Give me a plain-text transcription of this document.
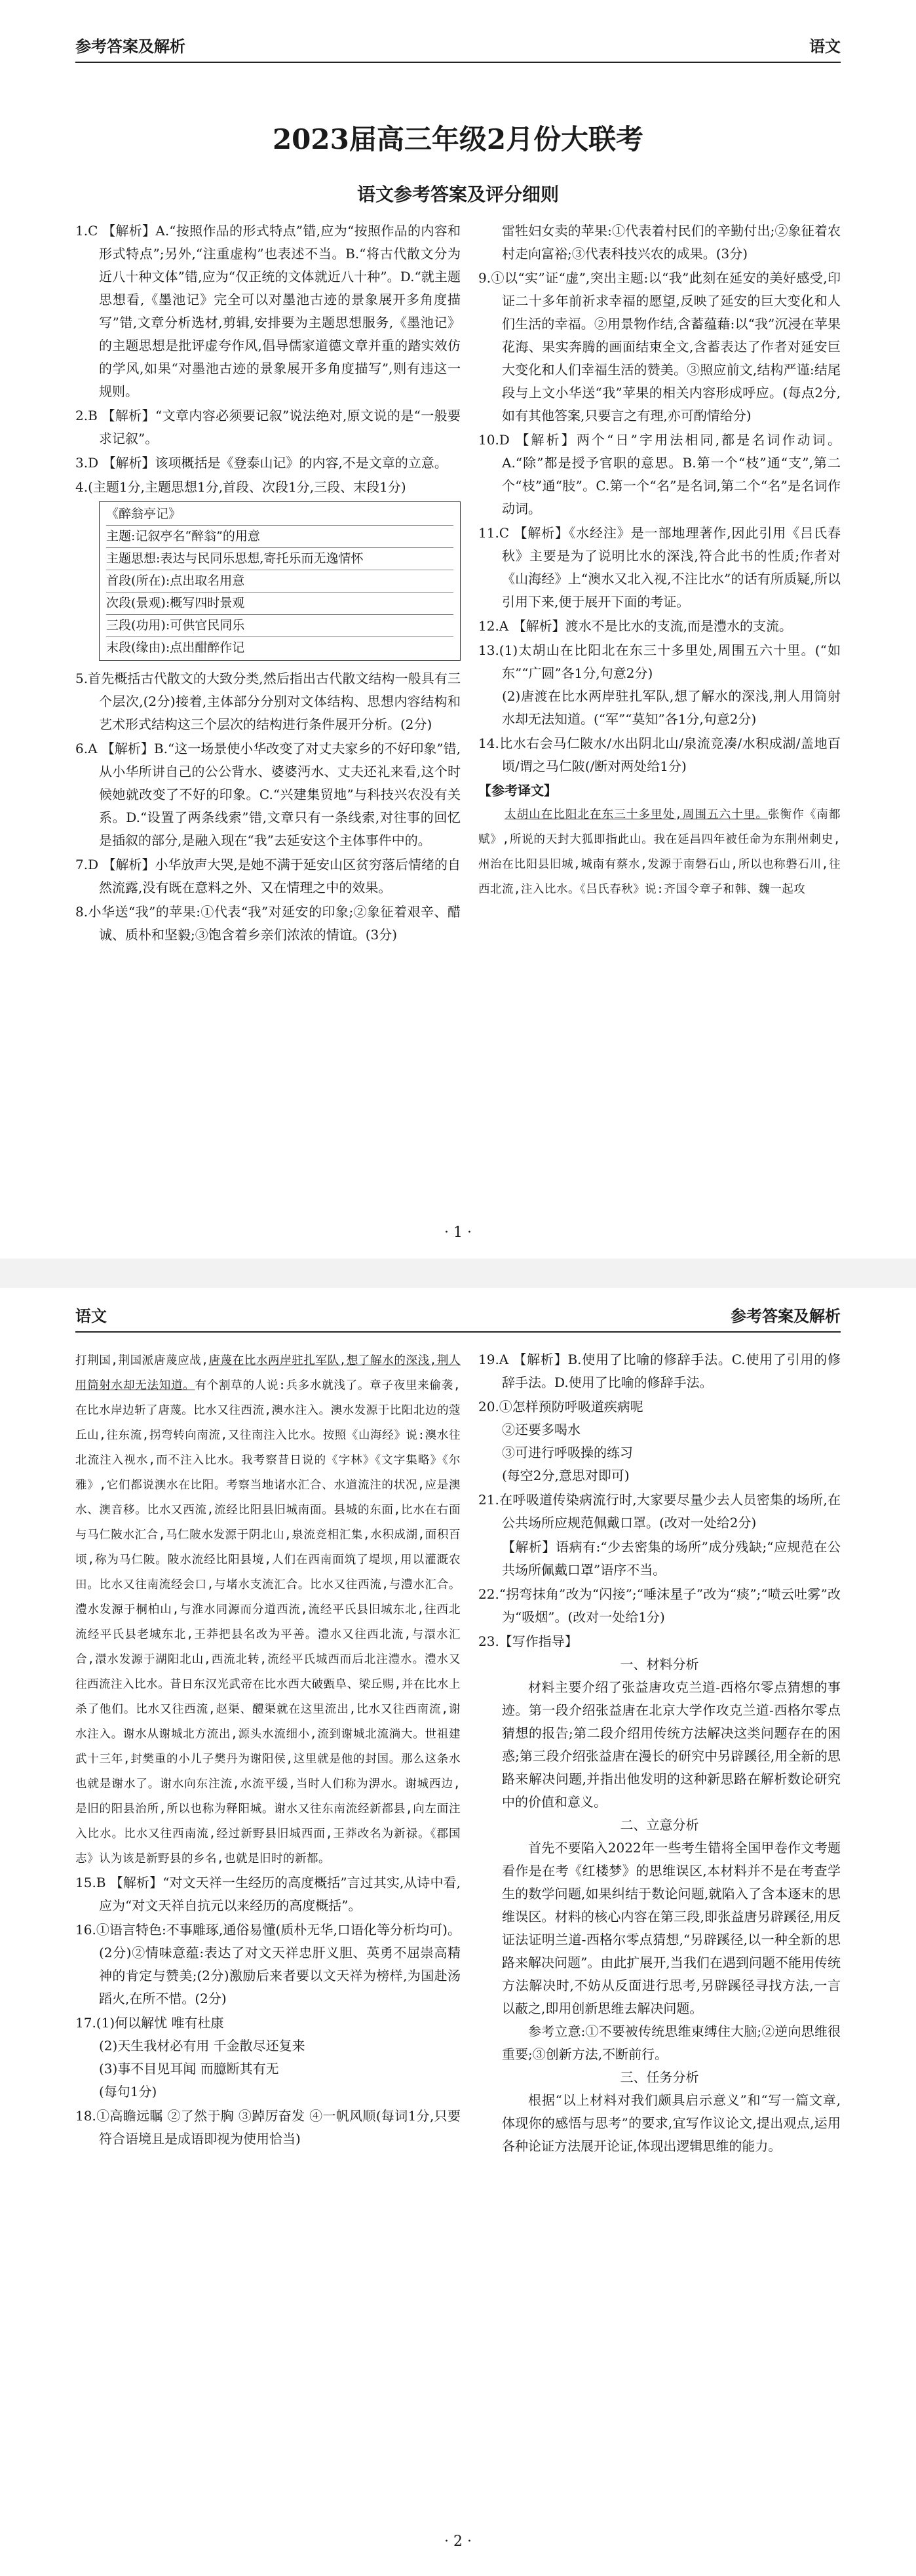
参考答案及解析	语文
2023届高三年级2月份大联考
语文参考答案及评分细则

1.C 【解析】A.“按照作品的形式特点”错,应为“按照作品的内容和形式特点”;另外,“注重虚构”也表述不当。B.“将古代散文分为近八十种文体”错,应为“仅正统的文体就近八十种”。D.“就主题思想看,《墨池记》完全可以对墨池古迹的景象展开多角度描写”错,文章分析选材,剪辑,安排要为主题思想服务,《墨池记》的主题思想是批评虚夸作风,倡导儒家道德文章并重的踏实效仿的学风,如果“对墨池古迹的景象展开多角度描写”,则有违这一规则。

2.B 【解析】“文章内容必须要记叙”说法绝对,原文说的是“一般要求记叙”。

3.D 【解析】该项概括是《登泰山记》的内容,不是文章的立意。

4.(主题1分,主题思想1分,首段、次段1分,三段、末段1分)

《醉翁亭记》
主题:记叙亭名“醉翁”的用意
主题思想:表达与民同乐思想,寄托乐而无逸情怀
首段(所在):点出取名用意
次段(景观):概写四时景观
三段(功用):可供官民同乐
末段(缘由):点出酣醉作记

5.首先概括古代散文的大致分类,然后指出古代散文结构一般具有三个层次,(2分)接着,主体部分分别对文体结构、思想内容结构和艺术形式结构这三个层次的结构进行条件展开分析。(2分)

6.A 【解析】B.“这一场景使小华改变了对丈夫家乡的不好印象”错,从小华所讲自己的公公背水、婆婆沔水、丈夫还礼来看,这个时候她就改变了不好的印象。C.“兴建集贸地”与科技兴农没有关系。D.“设置了两条线索”错,文章只有一条线索,对往事的回忆是插叙的部分,是融入现在“我”去延安这个主体事件中的。

7.D 【解析】小华放声大哭,是她不满于延安山区贫穷落后情绪的自然流露,没有既在意料之外、又在情理之中的效果。

8.小华送“我”的苹果:①代表“我”对延安的印象;②象征着艰辛、醋诚、质朴和坚毅;③饱含着乡亲们浓浓的情谊。(3分)

雷牲妇女卖的苹果:①代表着村民们的辛勤付出;②象征着农村走向富裕;③代表科技兴农的成果。(3分)

9.①以“实”证“虚”,突出主题:以“我”此刻在延安的美好感受,印证二十多年前祈求幸福的愿望,反映了延安的巨大变化和人们生活的幸福。②用景物作结,含蓄蕴藉:以“我”沉浸在苹果花海、果实奔腾的画面结束全文,含蓄表达了作者对延安巨大变化和人们幸福生活的赞美。③照应前文,结构严谨:结尾段与上文小华送“我”苹果的相关内容形成呼应。(每点2分,如有其他答案,只要言之有理,亦可酌情给分)

10.D 【解析】两个“日”字用法相同,都是名词作动词。A.“除”都是授予官职的意思。B.第一个“枝”通“支”,第二个“枝”通“肢”。C.第一个“名”是名词,第二个“名”是名词作动词。

11.C 【解析】《水经注》是一部地理著作,因此引用《吕氏春秋》主要是为了说明比水的深浅,符合此书的性质;作者对《山海经》上“澳水又北入视,不注比水”的话有所质疑,所以引用下来,便于展开下面的考证。

12.A 【解析】渡水不是比水的支流,而是澧水的支流。

13.(1)太胡山在比阳北在东三十多里处,周围五六十里。(“如东”“广圆”各1分,句意2分)

(2)唐渡在比水两岸驻扎军队,想了解水的深浅,荆人用筒射水却无法知道。(“军”“莫知”各1分,句意2分)

14.比水右会马仁陂水/水出阴北山/泉流竞凑/水积成湖/盖地百顷/谓之马仁陂(/断对两处给1分)

【参考译文】

太胡山在比阳北在东三十多里处,周围五六十里。张衡作《南都赋》,所说的天封大狐即指此山。我在延昌四年被任命为东荆州刺史,州治在比阳县旧城,城南有蔡水,发源于南磐石山,所以也称磐石川,往西北流,注入比水。《吕氏春秋》说:齐国令章子和韩、魏一起攻

· 1 ·
语文	参考答案及解析

打荆国,荆国派唐蔑应战,唐蔑在比水两岸驻扎军队,想了解水的深浅,荆人用筒射水却无法知道。有个割草的人说:兵多水就浅了。章子夜里来偷袭,在比水岸边斩了唐蔑。比水又往西流,澳水注入。澳水发源于比阳北边的蔻丘山,往东流,拐弯转向南流,又往南注入比水。按照《山海经》说:澳水往北流注入视水,而不注入比水。我考察昔日说的《字林》《文字集略》《尔雅》,它们都说澳水在比阳。考察当地诸水汇合、水道流注的状况,应是澳水、澳音移。比水又西流,流经比阳县旧城南面。县城的东面,比水在右面与马仁陂水汇合,马仁陂水发源于阴北山,泉流竞相汇集,水积成湖,面积百顷,称为马仁陂。陂水流经比阳县境,人们在西南面筑了堤坝,用以灌溉农田。比水又往南流经会口,与堵水支流汇合。比水又往西流,与澧水汇合。澧水发源于桐柏山,与淮水同源而分道西流,流经平氏县旧城东北,往西北流经平氏县老城东北,王莽把县名改为平善。澧水又往西北流,与澴水汇合,澴水发源于湖阳北山,西流北转,流经平氏城西而后北注澧水。澧水又往西流注入比水。昔日东汉光武帝在比水西大破甄阜、梁丘赐,并在比水上杀了他们。比水又往西流,赵渠、醴渠就在这里流出,比水又往西南流,谢水注入。谢水从谢城北方流出,源头水流细小,流到谢城北流淌大。世祖建武十三年,封樊重的小儿子樊丹为谢阳侯,这里就是他的封国。那么这条水也就是谢水了。谢水向东注流,水流平缓,当时人们称为淠水。谢城西边,是旧的阳县治所,所以也称为释阳城。谢水又往东南流经新都县,向左面注入比水。比水又往西南流,经过新野县旧城西面,王莽改名为新禄。《郡国志》认为该是新野县的乡名,也就是旧时的新都。

15.B 【解析】“对文天祥一生经历的高度概括”言过其实,从诗中看,应为“对文天祥自抗元以来经历的高度概括”。

16.①语言特色:不事雕琢,通俗易懂(质朴无华,口语化等分析均可)。(2分)②情味意蕴:表达了对文天祥忠肝义胆、英勇不屈崇高精神的肯定与赞美;(2分)激励后来者要以文天祥为榜样,为国赴汤蹈火,在所不惜。(2分)

17.(1)何以解忧 唯有杜康

(2)天生我材必有用 千金散尽还复来

(3)事不目见耳闻 而臆断其有无

(每句1分)

18.①高瞻远瞩 ②了然于胸 ③踔厉奋发 ④一帆风顺(每词1分,只要符合语境且是成语即视为使用恰当)

19.A 【解析】B.使用了比喻的修辞手法。C.使用了引用的修辞手法。D.使用了比喻的修辞手法。

20.①怎样预防呼吸道疾病呢

②还要多喝水

③可进行呼吸操的练习

(每空2分,意思对即可)

21.在呼吸道传染病流行时,大家要尽量少去人员密集的场所,在公共场所应规范佩戴口罩。(改对一处给2分)

【解析】语病有:“少去密集的场所”成分残缺;“应规范在公共场所佩戴口罩”语序不当。

22.“拐弯抹角”改为“闪接”;“唾沫星子”改为“痰”;“喷云吐雾”改为“吸烟”。(改对一处给1分)

23.【写作指导】

一、材料分析

材料主要介绍了张益唐攻克兰道-西格尔零点猜想的事迹。第一段介绍张益唐在北京大学作攻克兰道-西格尔零点猜想的报告;第二段介绍用传统方法解决这类问题存在的困惑;第三段介绍张益唐在漫长的研究中另辟蹊径,用全新的思路来解决问题,并指出他发明的这种新思路在解析数论研究中的价值和意义。

二、立意分析

首先不要陷入2022年一些考生错将全国甲卷作文考题看作是在考《红楼梦》的思维误区,本材料并不是在考查学生的数学问题,如果纠结于数论问题,就陷入了含本逐末的思维误区。材料的核心内容在第三段,即张益唐另辟蹊径,用反证法证明兰道-西格尔零点猜想,“另辟蹊径,以一种全新的思路来解决问题”。由此扩展开,当我们在遇到问题不能用传统方法解决时,不妨从反面进行思考,另辟蹊径寻找方法,一言以蔽之,即用创新思维去解决问题。

参考立意:①不要被传统思维束缚住大脑;②逆向思维很重要;③创新方法,不断前行。

三、任务分析

根据“以上材料对我们颇具启示意义”和“写一篇文章,体现你的感悟与思考”的要求,宜写作议论文,提出观点,运用各种论证方法展开论证,体现出逻辑思维的能力。

· 2 ·
